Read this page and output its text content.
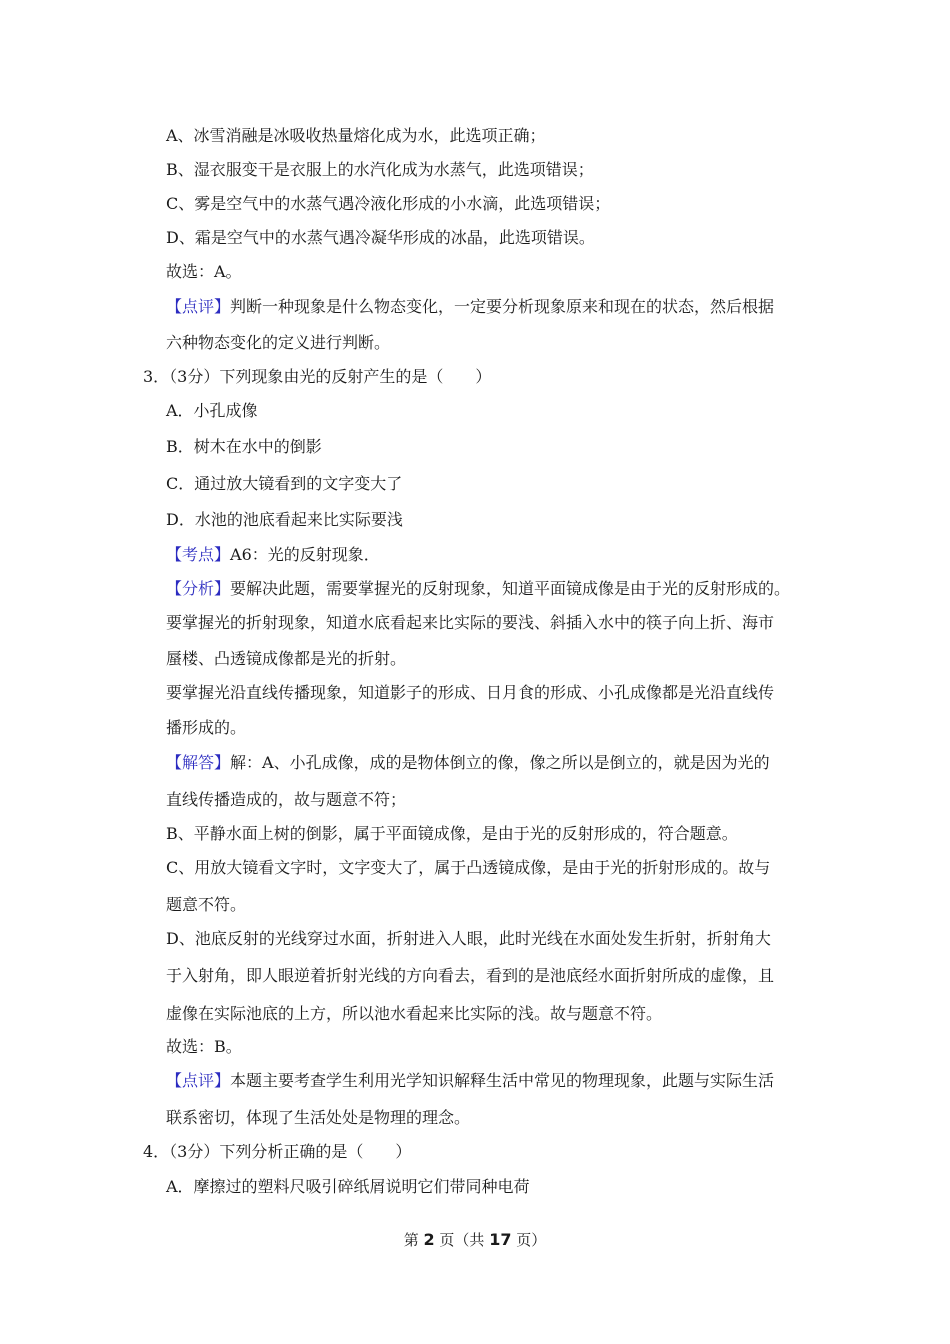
A、冰雪消融是冰吸收热量熔化成为水，此选项正确；
B、湿衣服变干是衣服上的水汽化成为水蒸气，此选项错误；
C、雾是空气中的水蒸气遇冷液化形成的小水滴，此选项错误；
D、霜是空气中的水蒸气遇冷凝华形成的冰晶，此选项错误。
故选：A。
【点评】判断一种现象是什么物态变化，一定要分析现象原来和现在的状态，然后根据
六种物态变化的定义进行判断。
3．（3分）下列现象由光的反射产生的是（　　）
A．小孔成像
B．树木在水中的倒影
C．通过放大镜看到的文字变大了
D．水池的池底看起来比实际要浅
【考点】A6：光的反射现象．
【分析】要解决此题，需要掌握光的反射现象，知道平面镜成像是由于光的反射形成的。
要掌握光的折射现象，知道水底看起来比实际的要浅、斜插入水中的筷子向上折、海市
蜃楼、凸透镜成像都是光的折射。
要掌握光沿直线传播现象，知道影子的形成、日月食的形成、小孔成像都是光沿直线传
播形成的。
【解答】解：A、小孔成像，成的是物体倒立的像，像之所以是倒立的，就是因为光的
直线传播造成的，故与题意不符；
B、平静水面上树的倒影，属于平面镜成像，是由于光的反射形成的，符合题意。
C、用放大镜看文字时，文字变大了，属于凸透镜成像，是由于光的折射形成的。故与
题意不符。
D、池底反射的光线穿过水面，折射进入人眼，此时光线在水面处发生折射，折射角大
于入射角，即人眼逆着折射光线的方向看去，看到的是池底经水面折射所成的虚像，且
虚像在实际池底的上方，所以池水看起来比实际的浅。故与题意不符。
故选：B。
【点评】本题主要考查学生利用光学知识解释生活中常见的物理现象，此题与实际生活
联系密切，体现了生活处处是物理的理念。
4．（3分）下列分析正确的是（　　）
A．摩擦过的塑料尺吸引碎纸屑说明它们带同种电荷
第 2 页（共 17 页）
